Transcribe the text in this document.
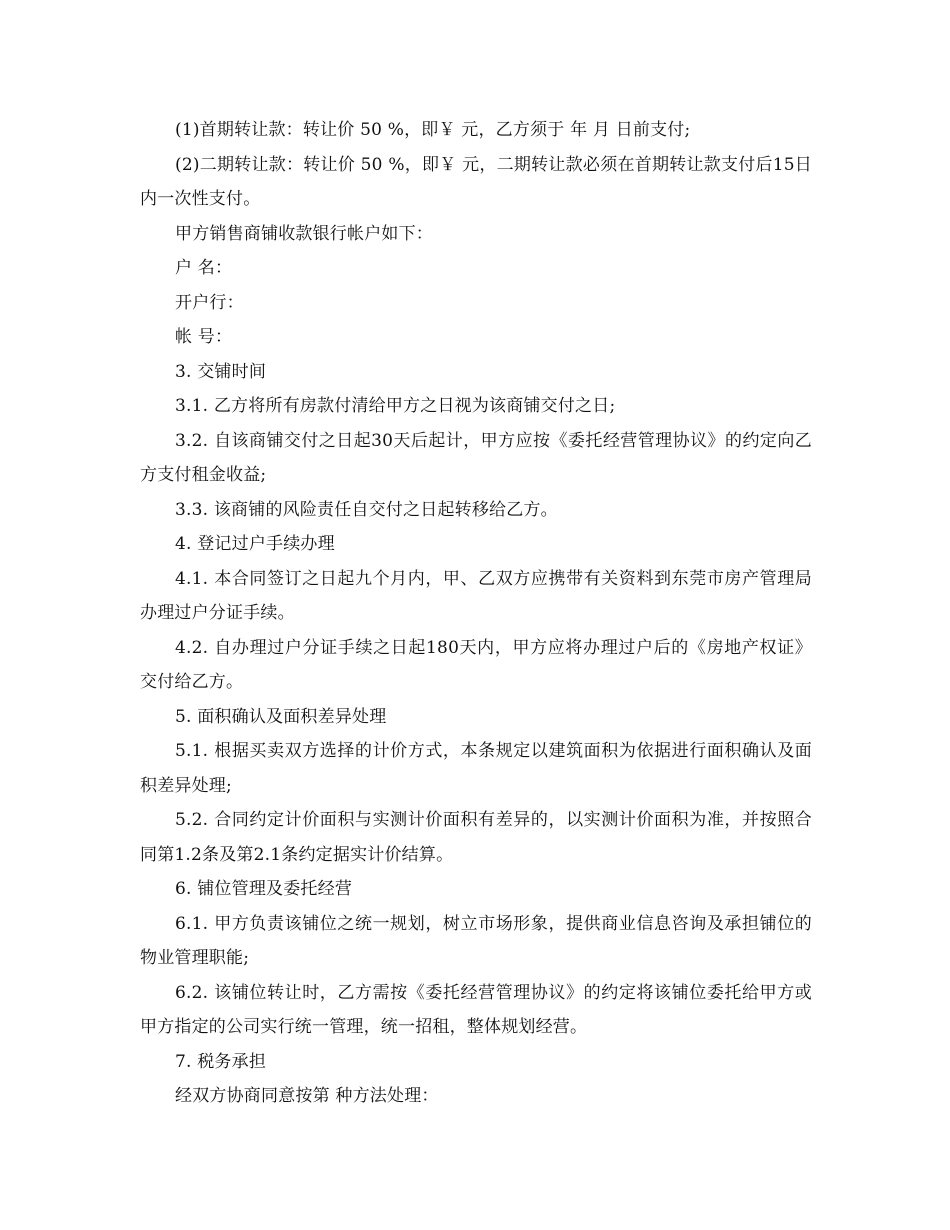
(1)首期转让款：转让价 50 %，即￥ 元，乙方须于 年 月 日前支付;

(2)二期转让款：转让价 50 %，即￥ 元，二期转让款必须在首期转让款支付后15日内一次性支付。

甲方销售商铺收款银行帐户如下：

户 名：

开户行：

帐 号：

3. 交铺时间

3.1. 乙方将所有房款付清给甲方之日视为该商铺交付之日;

3.2. 自该商铺交付之日起30天后起计，甲方应按《委托经营管理协议》的约定向乙方支付租金收益;

3.3. 该商铺的风险责任自交付之日起转移给乙方。

4. 登记过户手续办理

4.1. 本合同签订之日起九个月内，甲、乙双方应携带有关资料到东莞市房产管理局办理过户分证手续。

4.2. 自办理过户分证手续之日起180天内，甲方应将办理过户后的《房地产权证》交付给乙方。

5. 面积确认及面积差异处理

5.1. 根据买卖双方选择的计价方式，本条规定以建筑面积为依据进行面积确认及面积差异处理;

5.2. 合同约定计价面积与实测计价面积有差异的，以实测计价面积为准，并按照合同第1.2条及第2.1条约定据实计价结算。

6. 铺位管理及委托经营

6.1. 甲方负责该铺位之统一规划，树立市场形象，提供商业信息咨询及承担铺位的物业管理职能;

6.2. 该铺位转让时，乙方需按《委托经营管理协议》的约定将该铺位委托给甲方或甲方指定的公司实行统一管理，统一招租，整体规划经营。

7. 税务承担

经双方协商同意按第 种方法处理：
